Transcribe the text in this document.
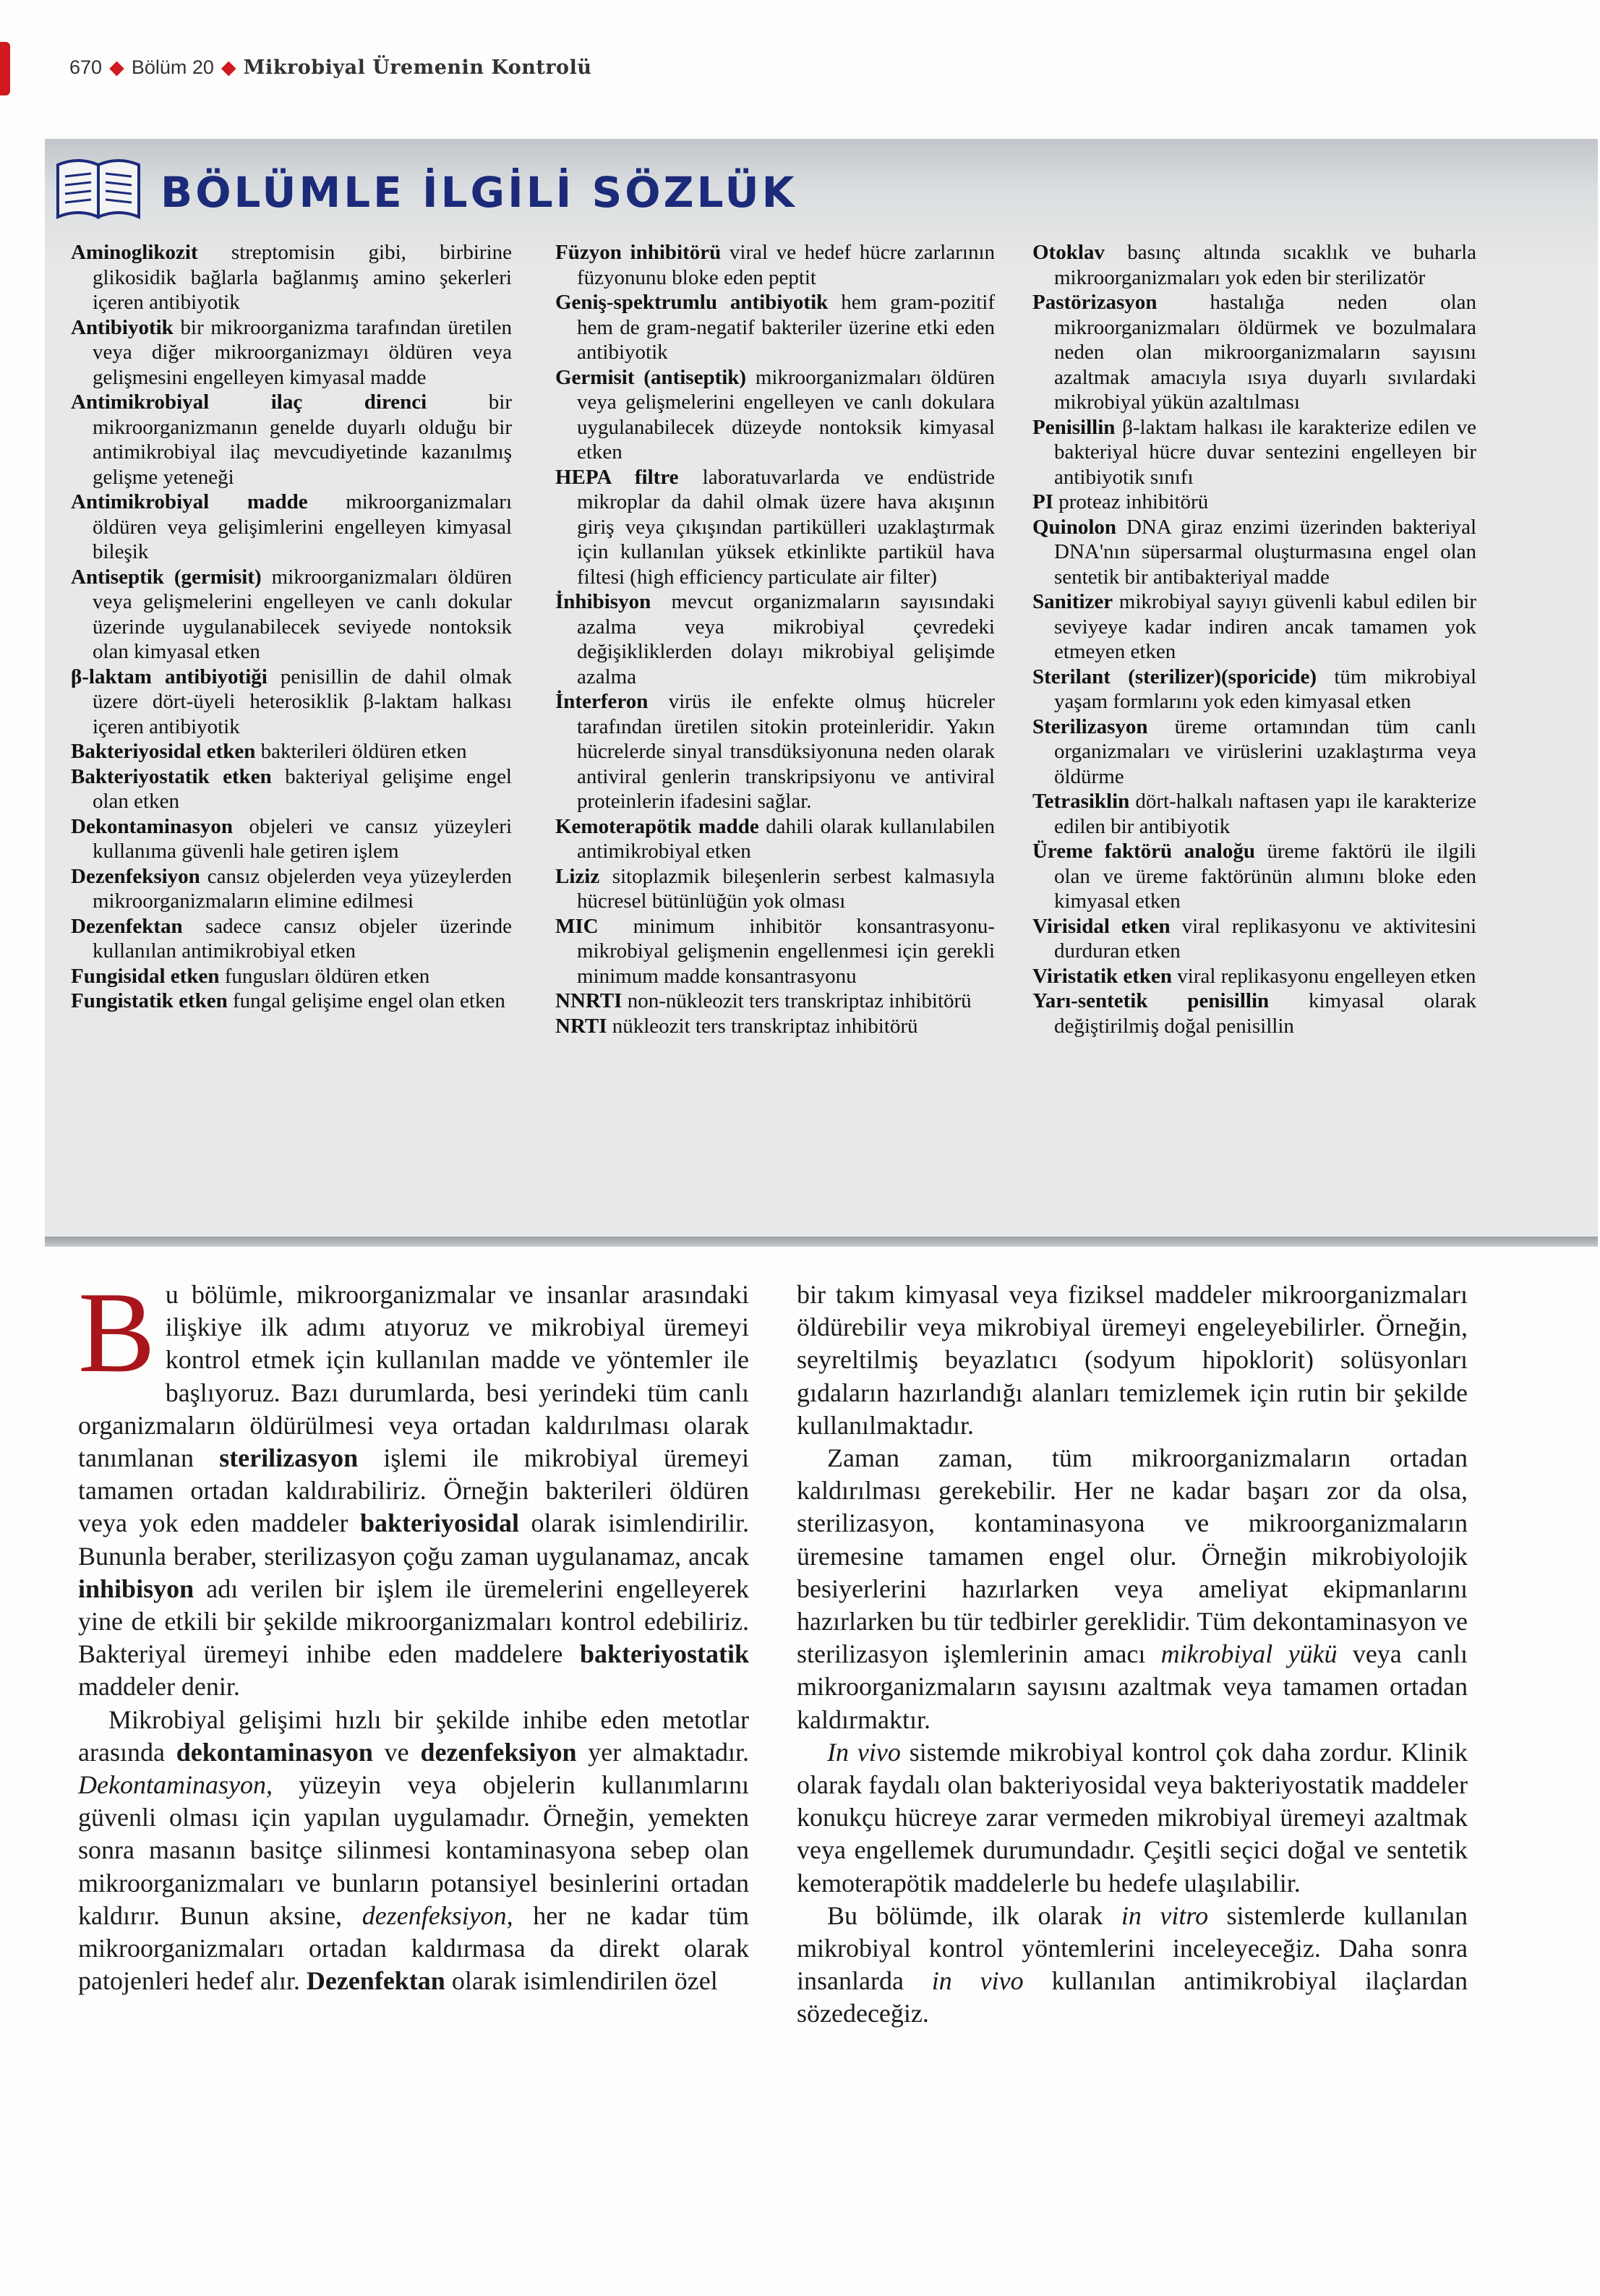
670 ◆ Bölüm 20 ◆ Mikrobiyal Üremenin Kontrolü
BÖLÜMLE İLGİLİ SÖZLÜK

Aminoglikozit streptomisin gibi, birbirine glikosidik bağlarla bağlanmış amino şekerleri içeren antibiyotik

Antibiyotik bir mikroorganizma tarafından üretilen veya diğer mikroorganizmayı öldüren veya gelişmesini engelleyen kimyasal madde

Antimikrobiyal ilaç direnci	bir mikroorganizmanın genelde duyarlı olduğu bir antimikrobiyal ilaç mevcudiyetinde kazanılmış gelişme yeteneği

Antimikrobiyal madde mikroorganizmaları öldüren veya gelişimlerini engelleyen kimyasal bileşik

Antiseptik (germisit) mikroorganizmaları öldüren veya gelişmelerini engelleyen ve canlı dokular üzerinde uygulanabilecek seviyede nontoksik olan kimyasal etken

β-laktam antibiyotiği penisillin de dahil olmak üzere dört-üyeli heterosiklik β-laktam halkası içeren antibiyotik

Bakteriyosidal etken bakterileri öldüren etken

Bakteriyostatik etken bakteriyal gelişime engel olan etken

Dekontaminasyon objeleri ve cansız yüzeyleri kullanıma güvenli hale getiren işlem

Dezenfeksiyon cansız objelerden veya yüzeylerden mikroorganizmaların elimine edilmesi

Dezenfektan sadece cansız objeler üzerinde kullanılan antimikrobiyal etken

Fungisidal etken fungusları öldüren etken

Fungistatik etken fungal gelişime engel olan etken

Füzyon inhibitörü viral ve hedef hücre zarlarının füzyonunu bloke eden peptit

Geniş-spektrumlu antibiyotik hem gram-pozitif hem de gram-negatif bakteriler üzerine etki eden antibiyotik

Germisit (antiseptik) mikroorganizmaları öldüren veya gelişmelerini engelleyen ve canlı dokulara uygulanabilecek düzeyde nontoksik kimyasal etken

HEPA filtre laboratuvarlarda ve endüstride mikroplar da dahil olmak üzere hava akışının giriş veya çıkışından partikülleri uzaklaştırmak için kullanılan yüksek etkinlikte partikül hava filtesi (high efficiency particulate air filter)

İnhibisyon mevcut organizmaların sayısındaki azalma veya mikrobiyal çevredeki değişikliklerden dolayı mikrobiyal gelişimde azalma

İnterferon virüs ile enfekte olmuş hücreler tarafından üretilen sitokin proteinleridir. Yakın hücrelerde sinyal transdüksiyonuna neden olarak antiviral genlerin transkripsiyonu ve antiviral proteinlerin ifadesini sağlar.

Kemoterapötik madde dahili olarak kullanılabilen antimikrobiyal etken

Liziz sitoplazmik bileşenlerin serbest kalmasıyla hücresel bütünlüğün yok olması

MIC minimum inhibitör konsantrasyonu-mikrobiyal gelişmenin engellenmesi için gerekli minimum madde konsantrasyonu

NNRTI non-nükleozit ters transkriptaz inhibitörü

NRTI nükleozit ters transkriptaz inhibitörü

Otoklav basınç altında sıcaklık ve buharla mikroorganizmaları yok eden bir sterilizatör

Pastörizasyon	hastalığa neden olan mikroorganizmaları öldürmek ve bozulmalara neden olan mikroorganizmaların sayısını azaltmak amacıyla ısıya duyarlı sıvılardaki mikrobiyal yükün azaltılması

Penisillin β-laktam halkası ile karakterize edilen ve bakteriyal hücre duvar sentezini engelleyen bir antibiyotik sınıfı

PI proteaz inhibitörü

Quinolon DNA giraz enzimi üzerinden bakteriyal DNA'nın süpersarmal oluşturmasına engel olan sentetik bir antibakteriyal madde

Sanitizer mikrobiyal sayıyı güvenli kabul edilen bir seviyeye kadar indiren ancak tamamen yok etmeyen etken

Sterilant (sterilizer)(sporicide) tüm mikrobiyal yaşam formlarını yok eden kimyasal etken

Sterilizasyon üreme ortamından tüm canlı organizmaları ve virüslerini uzaklaştırma veya öldürme

Tetrasiklin dört-halkalı naftasen yapı ile karakterize edilen bir antibiyotik

Üreme faktörü analoğu üreme faktörü ile ilgili olan ve üreme faktörünün alımını bloke eden kimyasal etken

Virisidal etken viral replikasyonu ve aktivitesini durduran etken

Viristatik etken viral replikasyonu engelleyen etken

Yarı-sentetik penisillin kimyasal olarak değiştirilmiş doğal penisillin

Bu bölümle, mikroorganizmalar ve insanlar arasındaki ilişkiye ilk adımı atıyoruz ve mikrobiyal üremeyi kontrol etmek için kullanılan madde ve yöntemler ile başlıyoruz. Bazı durumlarda, besi yerindeki tüm canlı organizmaların öldürülmesi veya ortadan kaldırılması olarak tanımlanan sterilizasyon işlemi ile mikrobiyal üremeyi tamamen ortadan kaldırabiliriz. Örneğin bakterileri öldüren veya yok eden maddeler bakteriyosidal olarak isimlendirilir. Bununla beraber, sterilizasyon çoğu zaman uygulanamaz, ancak inhibisyon adı verilen bir işlem ile üremelerini engelleyerek yine de etkili bir şekilde mikroorganizmaları kontrol edebiliriz. Bakteriyal üremeyi inhibe eden maddelere bakteriyostatik maddeler denir.

Mikrobiyal gelişimi hızlı bir şekilde inhibe eden metotlar arasında dekontaminasyon ve dezenfeksiyon yer almaktadır. Dekontaminasyon, yüzeyin veya objelerin kullanımlarını güvenli olması için yapılan uygulamadır. Örneğin, yemekten sonra masanın basitçe silinmesi kontaminasyona sebep olan mikroorganizmaları ve bunların potansiyel besinlerini ortadan kaldırır. Bunun aksine, dezenfeksiyon, her ne kadar tüm mikroorganizmaları ortadan kaldırmasa da direkt olarak patojenleri hedef alır. Dezenfektan olarak isimlendirilen özel

bir takım kimyasal veya fiziksel maddeler mikroorganizmaları öldürebilir veya mikrobiyal üremeyi engeleyebilirler. Örneğin, seyreltilmiş beyazlatıcı (sodyum hipoklorit) solüsyonları gıdaların hazırlandığı alanları temizlemek için rutin bir şekilde kullanılmaktadır.

Zaman zaman, tüm mikroorganizmaların ortadan kaldırılması gerekebilir. Her ne kadar başarı zor da olsa, sterilizasyon, kontaminasyona ve mikroorganizmaların üremesine tamamen engel olur. Örneğin mikrobiyolojik besiyerlerini hazırlarken veya ameliyat ekipmanlarını hazırlarken bu tür tedbirler gereklidir. Tüm dekontaminasyon ve sterilizasyon işlemlerinin amacı mikrobiyal yükü veya canlı mikroorganizmaların sayısını azaltmak veya tamamen ortadan kaldırmaktır.

In vivo sistemde mikrobiyal kontrol çok daha zordur. Klinik olarak faydalı olan bakteriyosidal veya bakteriyostatik maddeler konukçu hücreye zarar vermeden mikrobiyal üremeyi azaltmak veya engellemek durumundadır. Çeşitli seçici doğal ve sentetik kemoterapötik maddelerle bu hedefe ulaşılabilir.

Bu bölümde, ilk olarak in vitro sistemlerde kullanılan mikrobiyal kontrol yöntemlerini inceleyeceğiz. Daha sonra insanlarda in vivo kullanılan antimikrobiyal ilaçlardan sözedeceğiz.
